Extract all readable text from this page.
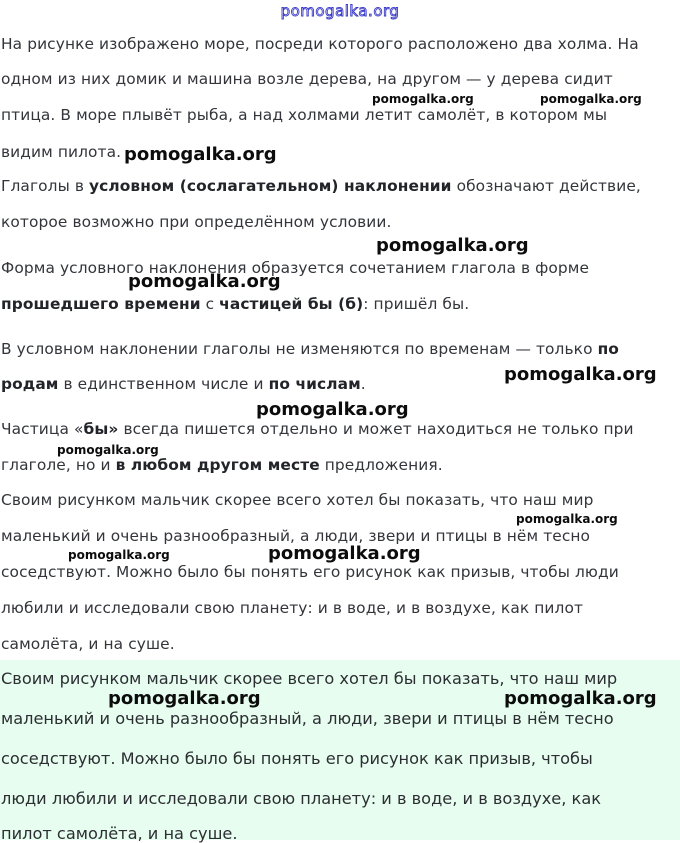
pomogalka.org
На рисунке изображено море, посреди которого расположено два холма. На
одном из них домик и машина возле дерева, на другом — у дерева сидит
птица. В море плывёт рыба, а над холмами летит самолёт, в котором мы
видим пилота.
Глаголы в условном (сослагательном) наклонении обозначают действие,
которое возможно при определённом условии.
Форма условного наклонения образуется сочетанием глагола в форме
прошедшего времени с частицей бы (б): пришёл бы.
В условном наклонении глаголы не изменяются по временам — только по
родам в единственном числе и по числам.
Частица «бы» всегда пишется отдельно и может находиться не только при
глаголе, но и в любом другом месте предложения.
Своим рисунком мальчик скорее всего хотел бы показать, что наш мир
маленький и очень разнообразный, а люди, звери и птицы в нём тесно
соседствуют. Можно было бы понять его рисунок как призыв, чтобы люди
любили и исследовали свою планету: и в воде, и в воздухе, как пилот
самолёта, и на суше.
Своим рисунком мальчик скорее всего хотел бы показать, что наш мир
маленький и очень разнообразный, а люди, звери и птицы в нём тесно
соседствуют. Можно было бы понять его рисунок как призыв, чтобы
люди любили и исследовали свою планету: и в воде, и в воздухе, как
пилот самолёта, и на суше.
pomogalka.org	pomogalka.org
pomogalka.org
pomogalka.org
pomogalka.org
pomogalka.org
pomogalka.org
pomogalka.org
pomogalka.org
pomogalka.org
pomogalka.org
pomogalka.org	pomogalka.org
